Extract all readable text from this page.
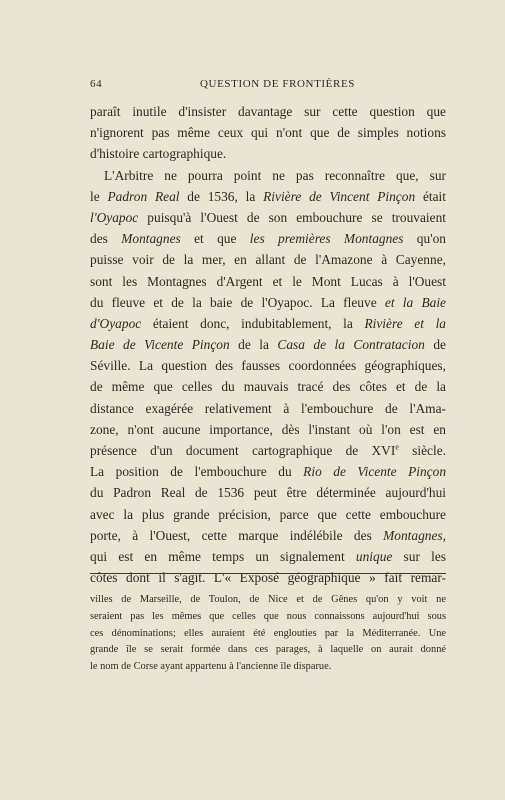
64	QUESTION DE FRONTIÈRES
paraît inutile d'insister davantage sur cette question que
n'ignorent pas même ceux qui n'ont que de simples notions
d'histoire cartographique.
L'Arbitre ne pourra point ne pas reconnaître que, sur
le Padron Real de 1536, la Rivière de Vincent Pinçon était
l'Oyapoc puisqu'à l'Ouest de son embouchure se trouvaient
des Montagnes et que les premières Montagnes qu'on
puisse voir de la mer, en allant de l'Amazone à Cayenne,
sont les Montagnes d'Argent et le Mont Lucas à l'Ouest
du fleuve et de la baie de l'Oyapoc. La fleuve et la Baie
d'Oyapoc étaient donc, indubitablement, la Rivière et la
Baie de Vicente Pinçon de la Casa de la Contratacion de
Séville. La question des fausses coordonnées géographiques,
de même que celles du mauvais tracé des côtes et de la
distance exagérée relativement à l'embouchure de l'Ama-
zone, n'ont aucune importance, dès l'instant où l'on est en
présence d'un document cartographique de XVIe siècle.
La position de l'embouchure du Rio de Vicente Pinçon
du Padron Real de 1536 peut être déterminée aujourd'hui
avec la plus grande précision, parce que cette embouchure
porte, à l'Ouest, cette marque indélébile des Montagnes,
qui est en même temps un signalement unique sur les
côtes dont il s'agit. L'« Exposé géographique » fait remar-
villes de Marseille, de Toulon, de Nice et de Gênes qu'on y voit ne
seraient pas les mêmes que celles que nous connaissons aujourd'hui sous
ces dénominations; elles auraient été englouties par la Méditerranée. Une
grande île se serait formée dans ces parages, à laquelle on aurait donné
le nom de Corse ayant appartenu à l'ancienne île disparue.
